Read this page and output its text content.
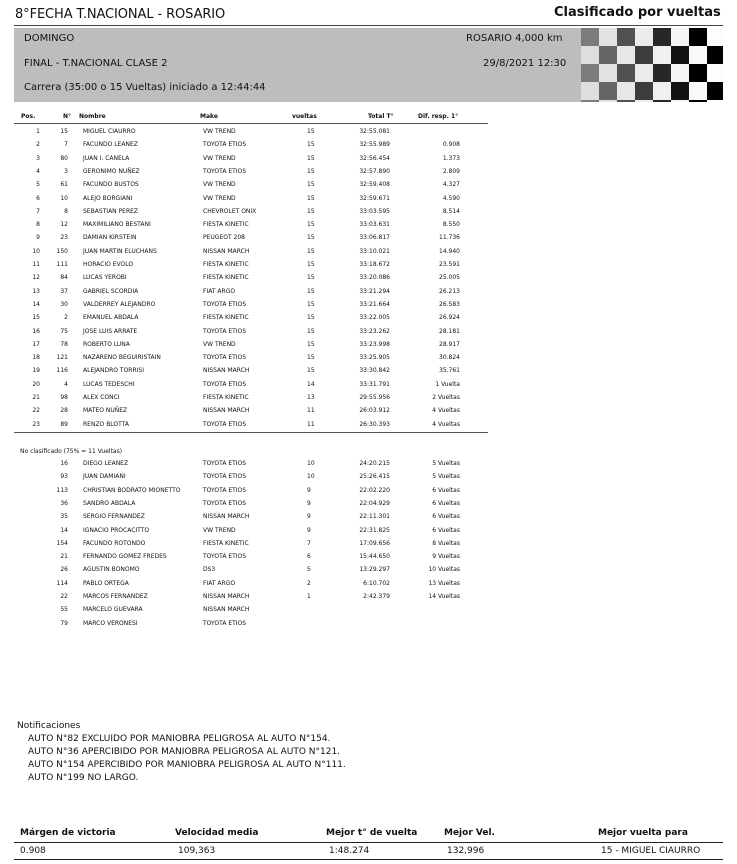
8°FECHA T.NACIONAL - ROSARIO	Clasificado por vueltas
DOMINGO	ROSARIO 4,000 km
FINAL - T.NACIONAL CLASE 2	29/8/2021 12:30
Carrera (35:00 o 15 Vueltas) iniciado a 12:44:44
Pos.	N° Nombre	Make	vueltas	Total T°	Dif. resp. 1°
1	15	MIGUEL CIAURRO	VW TREND	15	32:55.081
2	7	FACUNDO LEANEZ	TOYOTA ETIOS	15	32:55.989	0.908
3	80	JUAN I. CANELA	VW TREND	15	32:56.454	1.373
4	3	GERONIMO NUÑEZ	TOYOTA ETIOS	15	32:57.890	2.809
5	61	FACUNDO BUSTOS	VW TREND	15	32:59.408	4.327
6	10	ALEJO BORGIANI	VW TREND	15	32:59.671	4.590
7	8	SEBASTIAN PEREZ	CHEVROLET ONIX	15	33:03.595	8.514
8	12	MAXIMILIANO BESTANI	FIESTA KINETIC	15	33:03.631	8.550
9	23	DAMIAN KIRSTEIN	PEUGEOT 208	15	33:06.817	11.736
10	150	JUAN MARTIN ELUCHANS	NISSAN MARCH	15	33:10.021	14.940
11	111	HORACIO EVOLO	FIESTA KINETIC	15	33:18.672	23.591
12	84	LUCAS YEROBI	FIESTA KINETIC	15	33:20.086	25.005
13	37	GABRIEL SCORDIA	FIAT ARGO	15	33:21.294	26.213
14	30	VALDERREY ALEJANDRO	TOYOTA ETIOS	15	33:21.664	26.583
15	2	EMANUEL ABDALA	FIESTA KINETIC	15	33:22.005	26.924
16	75	JOSE LUIS ARRATE	TOYOTA ETIOS	15	33:23.262	28.181
17	78	ROBERTO LUNA	VW TREND	15	33:23.998	28.917
18	121	NAZARENO BEGUIRISTAIN	TOYOTA ETIOS	15	33:25.905	30.824
19	116	ALEJANDRO TORRISI	NISSAN MARCH	15	33:30.842	35.761
20	4	LUCAS TEDESCHI	TOYOTA ETIOS	14	33:31.791	1 Vuelta
21	98	ALEX CONCI	FIESTA KINETIC	13	29:55.956	2 Vueltas
22	28	MATEO NUÑEZ	NISSAN MARCH	11	26:03.912	4 Vueltas
23	89	RENZO BLOTTA	TOYOTA ETIOS	11	26:30.393	4 Vueltas
No clasificado (75% = 11 Vueltas)
16	DIEGO LEANEZ	TOYOTA ETIOS	10	24:20.215	5 Vueltas
93	JUAN DAMIANI	TOYOTA ETIOS	10	25:26.415	5 Vueltas
113	CHRISTIAN BODRATO MIONETTO	TOYOTA ETIOS	9	22:02.220	6 Vueltas
36	SANDRO ABDALA	TOYOTA ETIOS	9	22:04.929	6 Vueltas
35	SERGIO FERNANDEZ	NISSAN MARCH	9	22:11.301	6 Vueltas
14	IGNACIO PROCACITTO	VW TREND	9	22:31.825	6 Vueltas
154	FACUNDO ROTONDO	FIESTA KINETIC	7	17:09.656	8 Vueltas
21	FERNANDO GOMEZ FREDES	TOYOTA ETIOS	6	15:44.650	9 Vueltas
26	AGUSTIN BONOMO	DS3	5	13:29.297	10 Vueltas
114	PABLO ORTEGA	FIAT ARGO	2	6:10.702	13 Vueltas
22	MARCOS FERNANDEZ	NISSAN MARCH	1	2:42.379	14 Vueltas
55	MARCELO GUEVARA	NISSAN MARCH
79	MARCO VERONESI	TOYOTA ETIOS
Notificaciones
AUTO N°82 EXCLUIDO POR MANIOBRA PELIGROSA AL AUTO N°154.
AUTO N°36 APERCIBIDO POR MANIOBRA PELIGROSA AL AUTO N°121.
AUTO N°154 APERCIBIDO POR MANIOBRA PELIGROSA AL AUTO N°111.
AUTO N°199 NO LARGO.
Márgen de victoria	Velocidad media	Mejor t° de vuelta	Mejor Vel.	Mejor vuelta para
0.908	109,363	1:48.274	132,996	15 - MIGUEL CIAURRO
